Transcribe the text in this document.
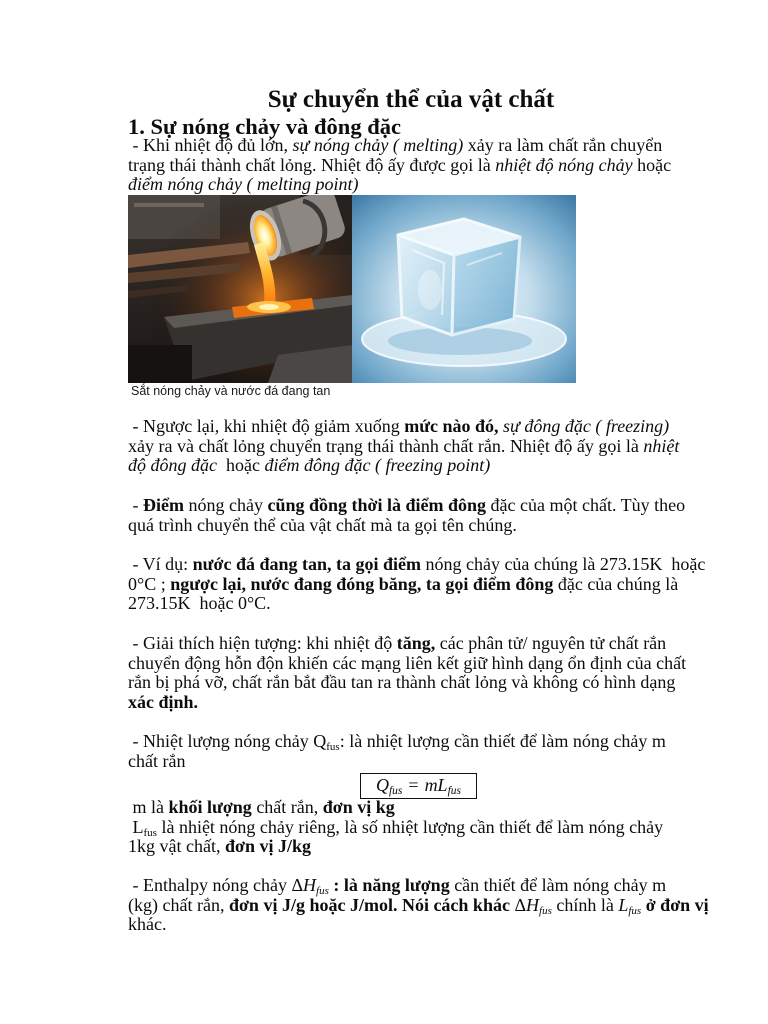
Sự chuyển thể của vật chất
1. Sự nóng chảy và đông đặc
- Khi nhiệt độ đủ lớn, sự nóng chảy ( melting) xảy ra làm chất rắn chuyển
trạng thái thành chất lỏng. Nhiệt độ ấy được gọi là nhiệt độ nóng chảy hoặc
điểm nóng chảy ( melting point)
Sắt nóng chảy và nước đá đang tan
- Ngược lại, khi nhiệt độ giảm xuống mức nào đó, sự đông đặc ( freezing)
xảy ra và chất lỏng chuyển trạng thái thành chất rắn. Nhiệt độ ấy gọi là nhiệt
độ đông đặc  hoặc điểm đông đặc ( freezing point)
- Điểm nóng chảy cũng đồng thời là điểm đông đặc của một chất. Tùy theo
quá trình chuyển thể của vật chất mà ta gọi tên chúng.
- Ví dụ: nước đá đang tan, ta gọi điểm nóng chảy của chúng là 273.15K  hoặc
0°C ; ngược lại, nước đang đóng băng, ta gọi điểm đông đặc của chúng là
273.15K  hoặc 0°C.
- Giải thích hiện tượng: khi nhiệt độ tăng, các phân tử/ nguyên tử chất rắn
chuyển động hỗn độn khiến các mạng liên kết giữ hình dạng ổn định của chất
rắn bị phá vỡ, chất rắn bắt đầu tan ra thành chất lỏng và không có hình dạng
xác định.
- Nhiệt lượng nóng chảy Qfus: là nhiệt lượng cần thiết để làm nóng chảy m
chất rắn
Qfus = mLfus
m là khối lượng chất rắn, đơn vị kg
Lfus là nhiệt nóng chảy riêng, là số nhiệt lượng cần thiết để làm nóng chảy
1kg vật chất, đơn vị J/kg
- Enthalpy nóng chảy ΔHfus : là năng lượng cần thiết để làm nóng chảy m
(kg) chất rắn, đơn vị J/g hoặc J/mol. Nói cách khác ΔHfus chính là Lfus ở đơn vị
khác.
